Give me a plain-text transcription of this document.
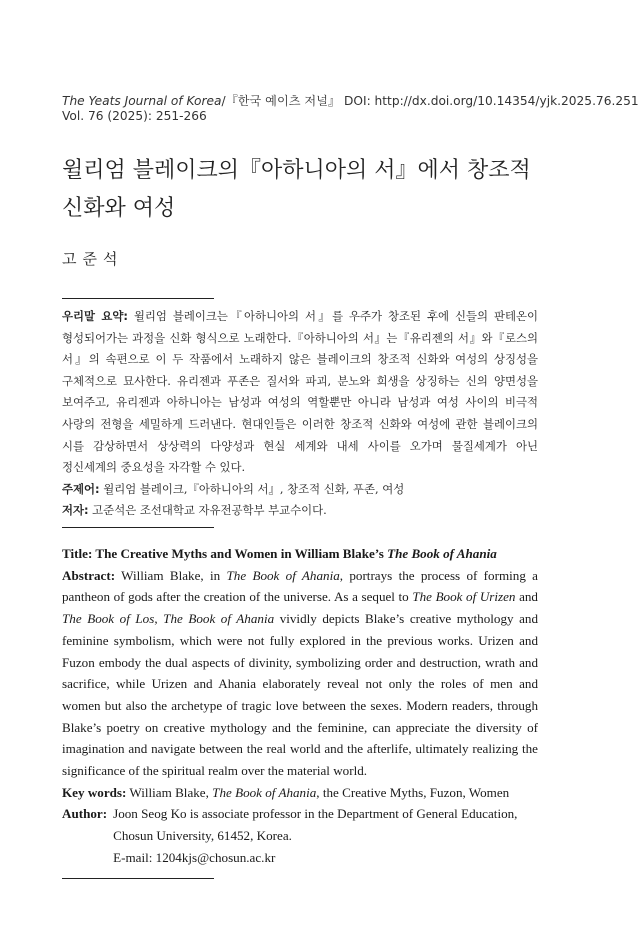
The Yeats Journal of Korea/『한국 예이츠 저널』 DOI: http://dx.doi.org/10.14354/yjk.2025.76.251
Vol. 76 (2025): 251-266
윌리엄 블레이크의『아하니아의 서』에서 창조적
신화와 여성
고준석

우리말 요약: 윌리엄 블레이크는『아하니아의 서』를 우주가 창조된 후에 신들의 판테온이 형성되어가는 과정을 신화 형식으로 노래한다.『아하니아의 서』는『유리젠의 서』와『로스의 서』의 속편으로 이 두 작품에서 노래하지 않은 블레이크의 창조적 신화와 여성의 상징성을 구체적으로 묘사한다. 유리젠과 푸존은 질서와 파괴, 분노와 희생을 상징하는 신의 양면성을 보여주고, 유리젠과 아하니아는 남성과 여성의 역할뿐만 아니라 남성과 여성 사이의 비극적 사랑의 전형을 세밀하게 드러낸다. 현대인들은 이러한 창조적 신화와 여성에 관한 블레이크의 시를 감상하면서 상상력의 다양성과 현실 세계와 내세 사이를 오가며 물질세계가 아닌 정신세계의 중요성을 자각할 수 있다.

주제어: 윌리엄 블레이크,『아하니아의 서』, 창조적 신화, 푸존, 여성

저자: 고준석은 조선대학교 자유전공학부 부교수이다.

Title: The Creative Myths and Women in William Blake’s The Book of Ahania

Abstract: William Blake, in The Book of Ahania, portrays the process of forming a pantheon of gods after the creation of the universe. As a sequel to The Book of Urizen and The Book of Los, The Book of Ahania vividly depicts Blake’s creative mythology and feminine symbolism, which were not fully explored in the previous works. Urizen and Fuzon embody the dual aspects of divinity, symbolizing order and destruction, wrath and sacrifice, while Urizen and Ahania elaborately reveal not only the roles of men and women but also the archetype of tragic love between the sexes. Modern readers, through Blake’s poetry on creative mythology and the feminine, can appreciate the diversity of imagination and navigate between the real world and the afterlife, ultimately realizing the significance of the spiritual realm over the material world.

Key words: William Blake, The Book of Ahania, the Creative Myths, Fuzon, Women

Author: Joon Seog Ko is associate professor in the Department of General Education,
Chosun University, 61452, Korea.
E-mail: 1204kjs@chosun.ac.kr
